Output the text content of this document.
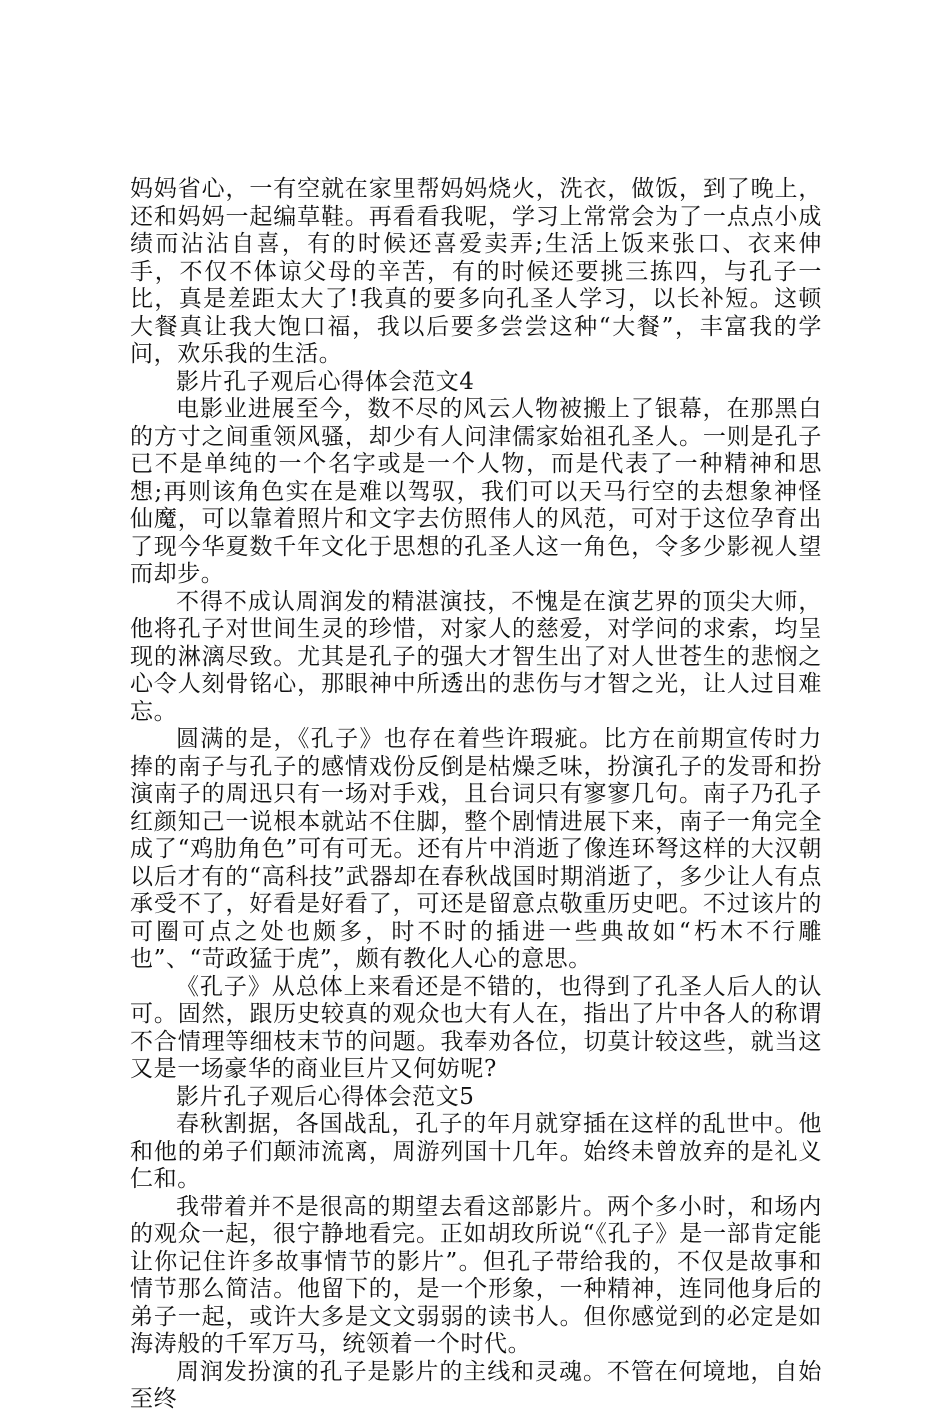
妈妈省心，一有空就在家里帮妈妈烧火，洗衣，做饭，到了晚上，还和妈妈一起编草鞋。再看看我呢，学习上常常会为了一点点小成绩而沾沾自喜，有的时候还喜爱卖弄;生活上饭来张口、衣来伸手，不仅不体谅父母的辛苦，有的时候还要挑三拣四，与孔子一比，真是差距太大了!我真的要多向孔圣人学习，以长补短。这顿大餐真让我大饱口福，我以后要多尝尝这种“大餐”，丰富我的学问，欢乐我的生活。

影片孔子观后心得体会范文4

电影业进展至今，数不尽的风云人物被搬上了银幕，在那黑白的方寸之间重领风骚，却少有人问津儒家始祖孔圣人。一则是孔子已不是单纯的一个名字或是一个人物，而是代表了一种精神和思想;再则该角色实在是难以驾驭，我们可以天马行空的去想象神怪仙魔，可以靠着照片和文字去仿照伟人的风范，可对于这位孕育出了现今华夏数千年文化于思想的孔圣人这一角色，令多少影视人望而却步。

不得不成认周润发的精湛演技，不愧是在演艺界的顶尖大师，他将孔子对世间生灵的珍惜，对家人的慈爱，对学问的求索，均呈现的淋漓尽致。尤其是孔子的强大才智生出了对人世苍生的悲悯之心令人刻骨铭心，那眼神中所透出的悲伤与才智之光，让人过目难忘。

圆满的是，《孔子》也存在着些许瑕疵。比方在前期宣传时力捧的南子与孔子的感情戏份反倒是枯燥乏味，扮演孔子的发哥和扮演南子的周迅只有一场对手戏，且台词只有寥寥几句。南子乃孔子红颜知己一说根本就站不住脚，整个剧情进展下来，南子一角完全成了“鸡肋角色”可有可无。还有片中消逝了像连环弩这样的大汉朝以后才有的“高科技”武器却在春秋战国时期消逝了，多少让人有点承受不了，好看是好看了，可还是留意点敬重历史吧。不过该片的可圈可点之处也颇多，时不时的插进一些典故如“朽木不行雕也”、“苛政猛于虎”，颇有教化人心的意思。

《孔子》从总体上来看还是不错的，也得到了孔圣人后人的认可。固然，跟历史较真的观众也大有人在，指出了片中各人的称谓不合情理等细枝末节的问题。我奉劝各位，切莫计较这些，就当这又是一场豪华的商业巨片又何妨呢?

影片孔子观后心得体会范文5

春秋割据，各国战乱，孔子的年月就穿插在这样的乱世中。他和他的弟子们颠沛流离，周游列国十几年。始终未曾放弃的是礼义仁和。

我带着并不是很高的期望去看这部影片。两个多小时，和场内的观众一起，很宁静地看完。正如胡玫所说“《孔子》是一部肯定能让你记住许多故事情节的影片”。但孔子带给我的，不仅是故事和情节那么简洁。他留下的，是一个形象，一种精神，连同他身后的弟子一起，或许大多是文文弱弱的读书人。但你感觉到的必定是如海涛般的千军万马，统领着一个时代。

周润发扮演的孔子是影片的主线和灵魂。不管在何境地，自始至终
